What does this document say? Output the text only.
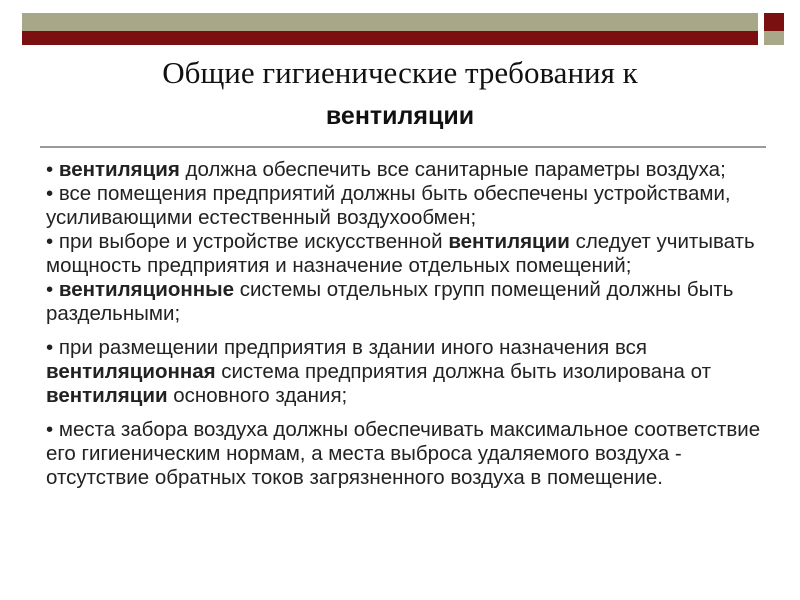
Общие гигиенические требования к
вентиляции

• вентиляция должна обеспечить все санитарные параметры воздуха;

• все помещения предприятий должны быть обеспечены устройствами, усиливающими естественный воздухообмен;

• при выборе и устройстве искусственной вентиляции следует учитывать мощность предприятия и назначение отдельных помещений;

• вентиляционные системы отдельных групп помещений должны быть раздельными;

• при размещении предприятия в здании иного назначения вся вентиляционная система предприятия должна быть изолирована от вентиляции основного здания;

• места забора воздуха должны обеспечивать максимальное соответствие его гигиеническим нормам, а места выброса удаляемого воздуха - отсутствие обратных токов загрязненного воздуха в помещение.
